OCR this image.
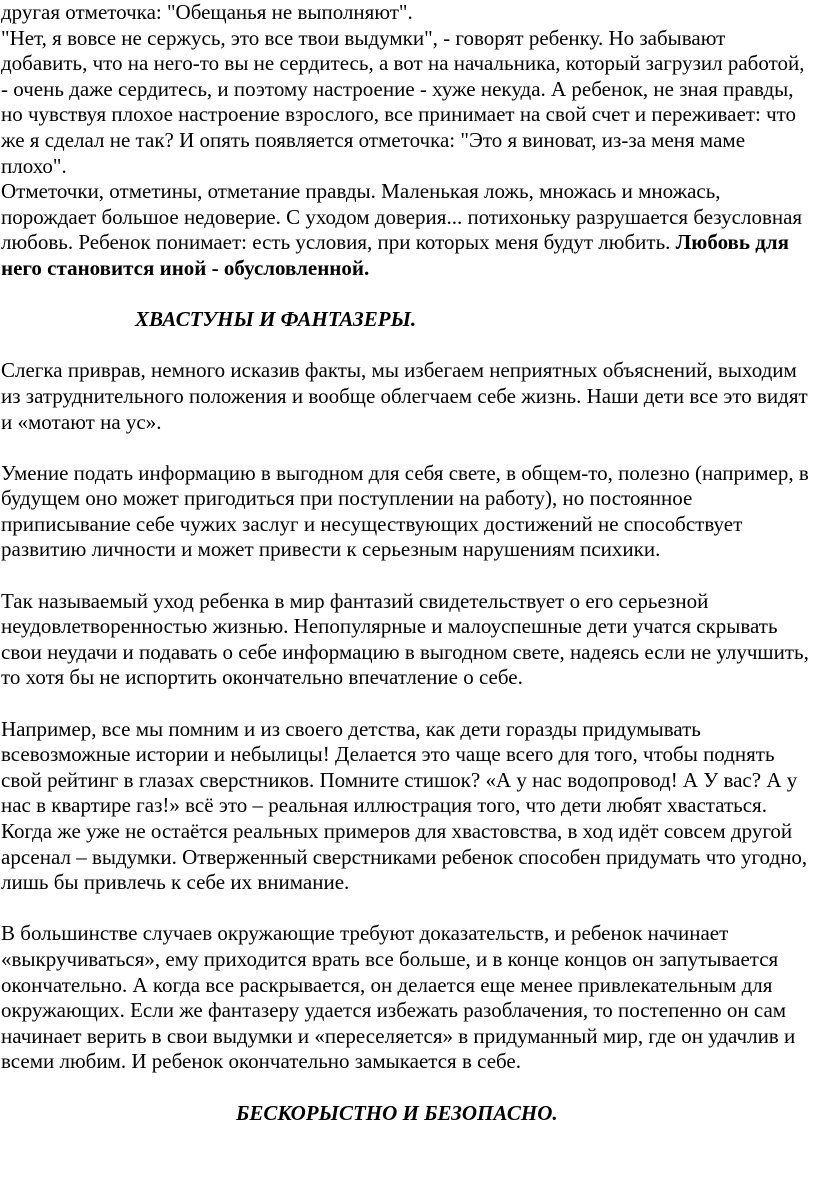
другая отметочка: "Обещанья не выполняют".

"Нет, я вовсе не сержусь, это все твои выдумки", - говорят ребенку. Но забывают добавить, что на него-то вы не сердитесь, а вот на начальника, который загрузил работой, - очень даже сердитесь, и поэтому настроение - хуже некуда. А ребенок, не зная правды, но чувствуя плохое настроение взрослого, все принимает на свой счет и переживает: что же я сделал не так? И опять появляется отметочка: "Это я виноват, из-за меня маме плохо".

Отметочки, отметины, отметание правды. Маленькая ложь, множась и множась, порождает большое недоверие. С уходом доверия... потихоньку разрушается безусловная любовь. Ребенок понимает: есть условия, при которых меня будут любить. Любовь для него становится иной - обусловленной.

ХВАСТУНЫ И ФАНТАЗЕРЫ.

Слегка приврав, немного исказив факты, мы избегаем неприятных объяснений, выходим из затруднительного положения и вообще облегчаем себе жизнь. Наши дети все это видят и «мотают на ус».

Умение подать информацию в выгодном для себя свете, в общем-то, полезно (например, в будущем оно может пригодиться при поступлении на работу), но постоянное приписывание себе чужих заслуг и несуществующих достижений не способствует развитию личности и может привести к серьезным нарушениям психики.

Так называемый уход ребенка в мир фантазий свидетельствует о его серьезной неудовлетворенностью жизнью. Непопулярные и малоуспешные дети учатся скрывать свои неудачи и подавать о себе информацию в выгодном свете, надеясь если не улучшить, то хотя бы не испортить окончательно впечатление о себе.

Например, все мы помним и из своего детства, как дети горазды придумывать всевозможные истории и небылицы! Делается это чаще всего для того, чтобы поднять свой рейтинг в глазах сверстников. Помните стишок? «А у нас водопровод! А У вас? А у нас в квартире газ!» всё это – реальная иллюстрация того, что дети любят хвастаться. Когда же уже не остаётся реальных примеров для хвастовства, в ход идёт совсем другой арсенал – выдумки. Отверженный сверстниками ребенок способен придумать что угодно, лишь бы привлечь к себе их внимание.

В большинстве случаев окружающие требуют доказательств, и ребенок начинает «выкручиваться», ему приходится врать все больше, и в конце концов он запутывается окончательно. А когда все раскрывается, он делается еще менее привлекательным для окружающих. Если же фантазеру удается избежать разоблачения, то постепенно он сам начинает верить в свои выдумки и «переселяется» в придуманный мир, где он удачлив и всеми любим. И ребенок окончательно замыкается в себе.

БЕСКОРЫСТНО И БЕЗОПАСНО.
